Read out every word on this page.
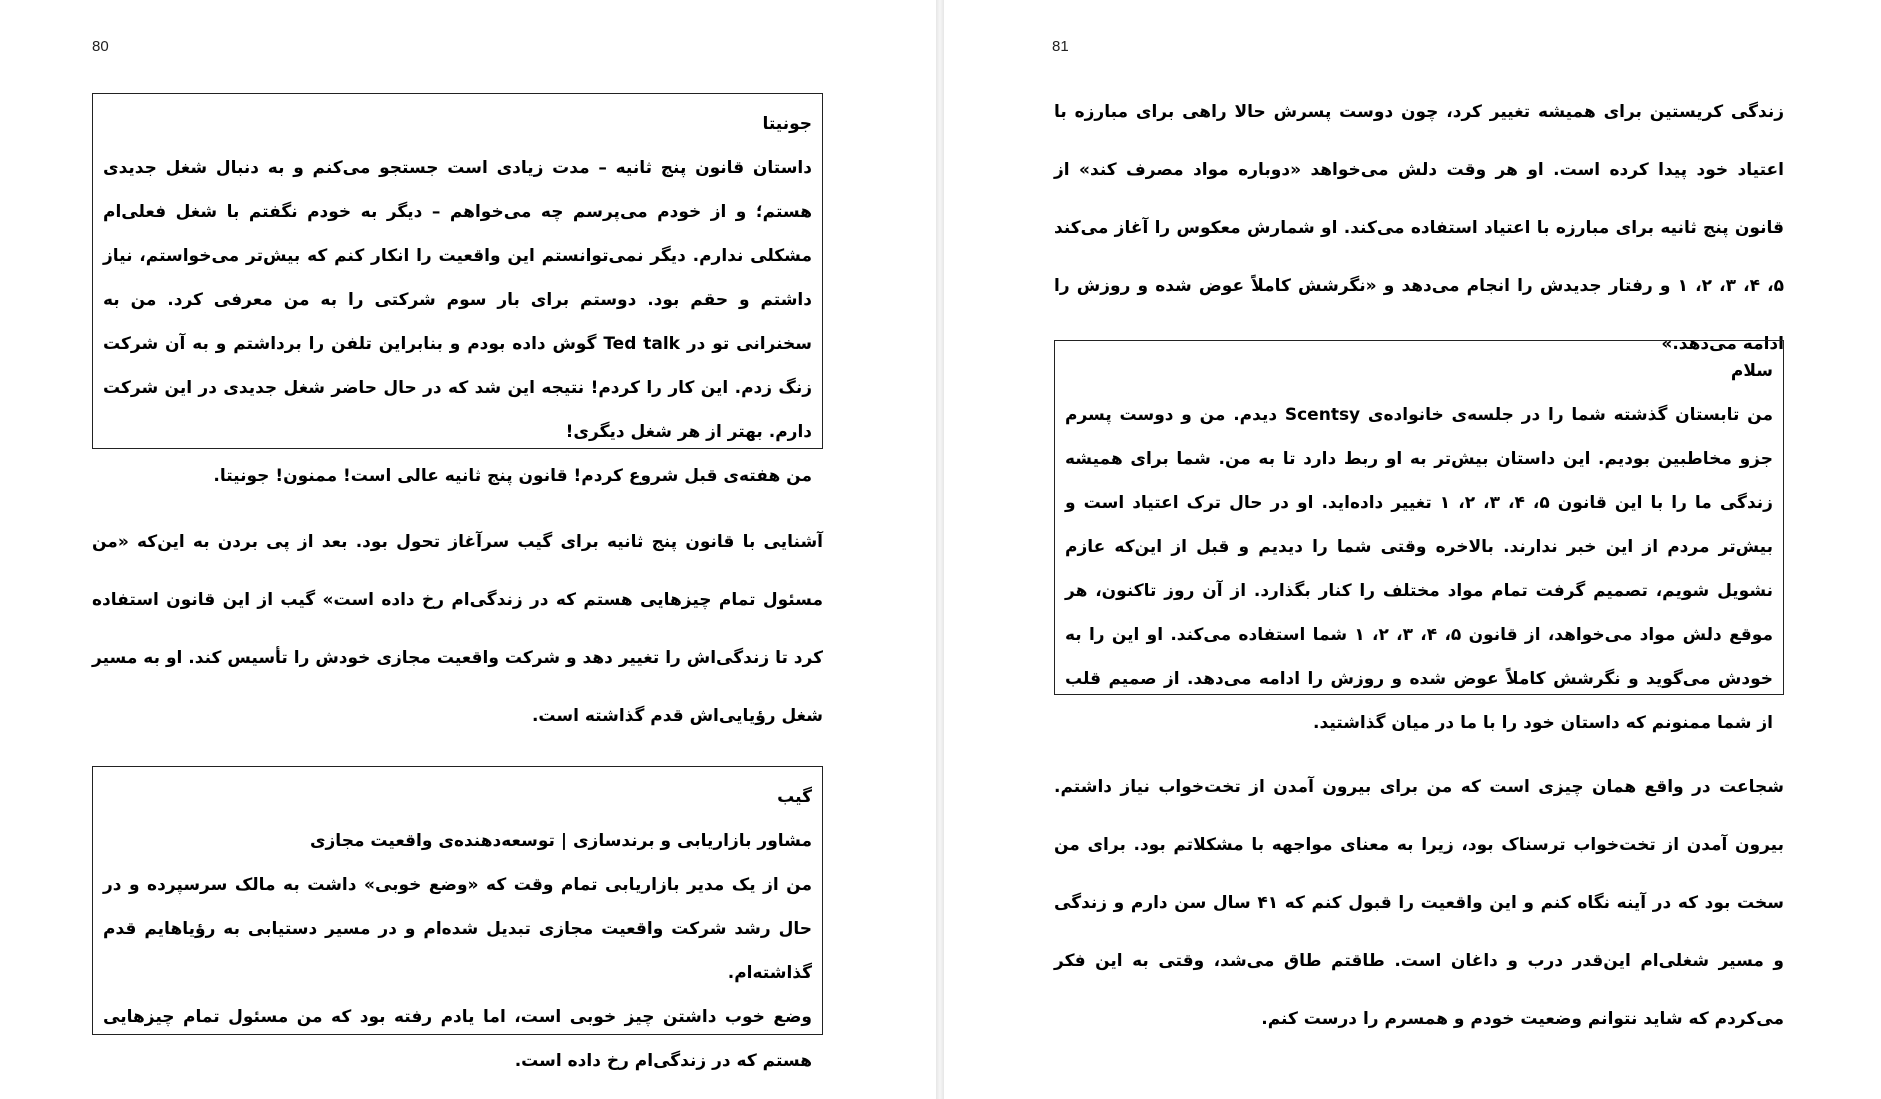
80
جونیتا

داستان قانون پنج ثانیه – مدت زیادی است جستجو می‌کنم و به دنبال شغل جدیدی هستم؛ و از خودم می‌پرسم چه می‌خواهم – دیگر به خودم نگفتم با شغل فعلی‌ام مشکلی ندارم. دیگر نمی‌توانستم این واقعیت را انکار کنم که بیش‌تر می‌خواستم، نیاز داشتم و حقم بود. دوستم برای بار سوم شرکتی را به من معرفی کرد. من به سخنرانی تو در Ted talk گوش داده بودم و بنابراین تلفن را برداشتم و به آن شرکت زنگ زدم. این کار را کردم! نتیجه این شد که در حال حاضر شغل جدیدی در این شرکت دارم. بهتر از هر شغل دیگری!

من هفته‌ی قبل شروع کردم! قانون پنج ثانیه عالی است! ممنون! جونیتا.

آشنایی با قانون پنج ثانیه برای گیب سرآغاز تحول بود. بعد از پی بردن به این‌که «من مسئول تمام چیزهایی هستم که در زندگی‌ام رخ داده است» گیب از این قانون استفاده کرد تا زندگی‌اش را تغییر دهد و شرکت واقعیت مجازی خودش را تأسیس کند. او به مسیر شغل رؤیایی‌اش قدم گذاشته است.

گیب

مشاور بازاریابی و برندسازی | توسعه‌دهنده‌ی واقعیت مجازی

من از یک مدیر بازاریابی تمام وقت که «وضع خوبی» داشت به مالک سرسپرده و در حال رشد شرکت واقعیت مجازی تبدیل شده‌ام و در مسیر دستیابی به رؤیاهایم قدم گذاشته‌ام.

وضع خوب داشتن چیز خوبی است، اما یادم رفته بود که من مسئول تمام چیزهایی هستم که در زندگی‌ام رخ داده است.

81

زندگی کریستین برای همیشه تغییر کرد، چون دوست پسرش حالا راهی برای مبارزه با اعتیاد خود پیدا کرده است. او هر وقت دلش می‌خواهد «دوباره مواد مصرف کند» از قانون پنج ثانیه برای مبارزه با اعتیاد استفاده می‌کند. او شمارش معکوس را آغاز می‌کند ۵، ۴، ۳، ۲، ۱ و رفتار جدیدش را انجام می‌دهد و «نگرشش کاملاً عوض شده و روزش را ادامه می‌دهد.»

سلام

من تابستان گذشته شما را در جلسه‌ی خانواده‌ی Scentsy دیدم. من و دوست پسرم جزو مخاطبین بودیم. این داستان بیش‌تر به او ربط دارد تا به من. شما برای همیشه زندگی ما را با این قانون ۵، ۴، ۳، ۲، ۱ تغییر داده‌اید. او در حال ترک اعتیاد است و بیش‌تر مردم از این خبر ندارند. بالاخره وقتی شما را دیدیم و قبل از این‌که عازم نشویل شویم، تصمیم گرفت تمام مواد مختلف را کنار بگذارد. از آن روز تاکنون، هر موقع دلش مواد می‌خواهد، از قانون ۵، ۴، ۳، ۲، ۱ شما استفاده می‌کند. او این را به خودش می‌گوید و نگرشش کاملاً عوض شده و روزش را ادامه می‌دهد. از صمیم قلب از شما ممنونم که داستان خود را با ما در میان گذاشتید.

شجاعت در واقع همان چیزی است که من برای بیرون آمدن از تخت‌خواب نیاز داشتم. بیرون آمدن از تخت‌خواب ترسناک بود، زیرا به معنای مواجهه با مشکلاتم بود. برای من سخت بود که در آینه نگاه کنم و این واقعیت را قبول کنم که ۴۱ سال سن دارم و زندگی و مسیر شغلی‌ام این‌قدر درب و داغان است. طاقتم طاق می‌شد، وقتی به این فکر می‌کردم که شاید نتوانم وضعیت خودم و همسرم را درست کنم.
